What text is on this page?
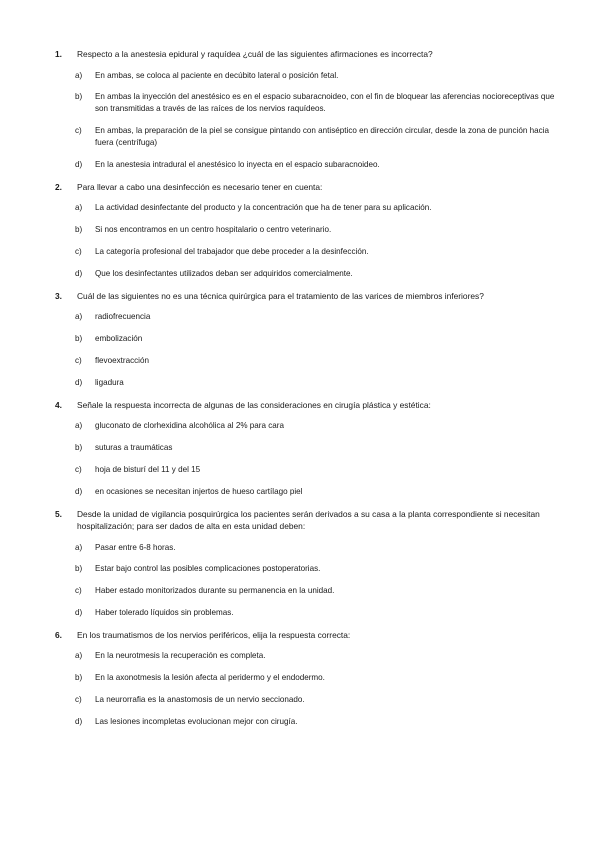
1.	Respecto a la anestesia epidural y raquídea ¿cuál de las siguientes afirmaciones es incorrecta?
a)	En ambas, se coloca al paciente en decúbito lateral o posición fetal.
b)	En ambas la inyección del anestésico es en el espacio subaracnoideo, con el fin de bloquear las aferencias nocioreceptivas que son transmitidas a través de las raíces de los nervios raquídeos.
c)	En ambas, la preparación de la piel se consigue pintando con antiséptico en dirección circular, desde la zona de punción hacia fuera (centrífuga)
d)	En la anestesia intradural el anestésico lo inyecta en el espacio subaracnoideo.
2.	Para llevar a cabo una desinfección es necesario tener en cuenta:
a)	La actividad desinfectante del producto y la concentración que ha de tener para su aplicación.
b)	Si nos encontramos en un centro hospitalario o centro veterinario.
c)	La categoría profesional del trabajador que debe proceder a la desinfección.
d)	Que los desinfectantes utilizados deban ser adquiridos comercialmente.
3.	Cuál de las siguientes no es una técnica quirúrgica para el tratamiento de las varices de miembros inferiores?
a)	radiofrecuencia
b)	embolización
c)	flevoextracción
d)	ligadura
4.	Señale la respuesta incorrecta de algunas de las consideraciones en cirugía plástica y estética:
a)	gluconato de clorhexidina alcohólica al 2% para cara
b)	suturas a traumáticas
c)	hoja de bisturí del 11 y del 15
d)	en ocasiones se necesitan injertos de hueso cartílago piel
5.	Desde la unidad de vigilancia posquirúrgica los pacientes serán derivados a su casa a la planta correspondiente si necesitan hospitalización; para ser dados de alta en esta unidad deben:
a)	Pasar entre 6-8 horas.
b)	Estar bajo control las posibles complicaciones postoperatorias.
c)	Haber estado monitorizados durante su permanencia en la unidad.
d)	Haber tolerado líquidos sin problemas.
6.	En los traumatismos de los nervios periféricos, elija la respuesta correcta:
a)	En la neurotmesis la recuperación es completa.
b)	En la axonotmesis la lesión afecta al peridermo y el endodermo.
c)	La neurorrafia es la anastomosis de un nervio seccionado.
d)	Las lesiones incompletas evolucionan mejor con cirugía.
